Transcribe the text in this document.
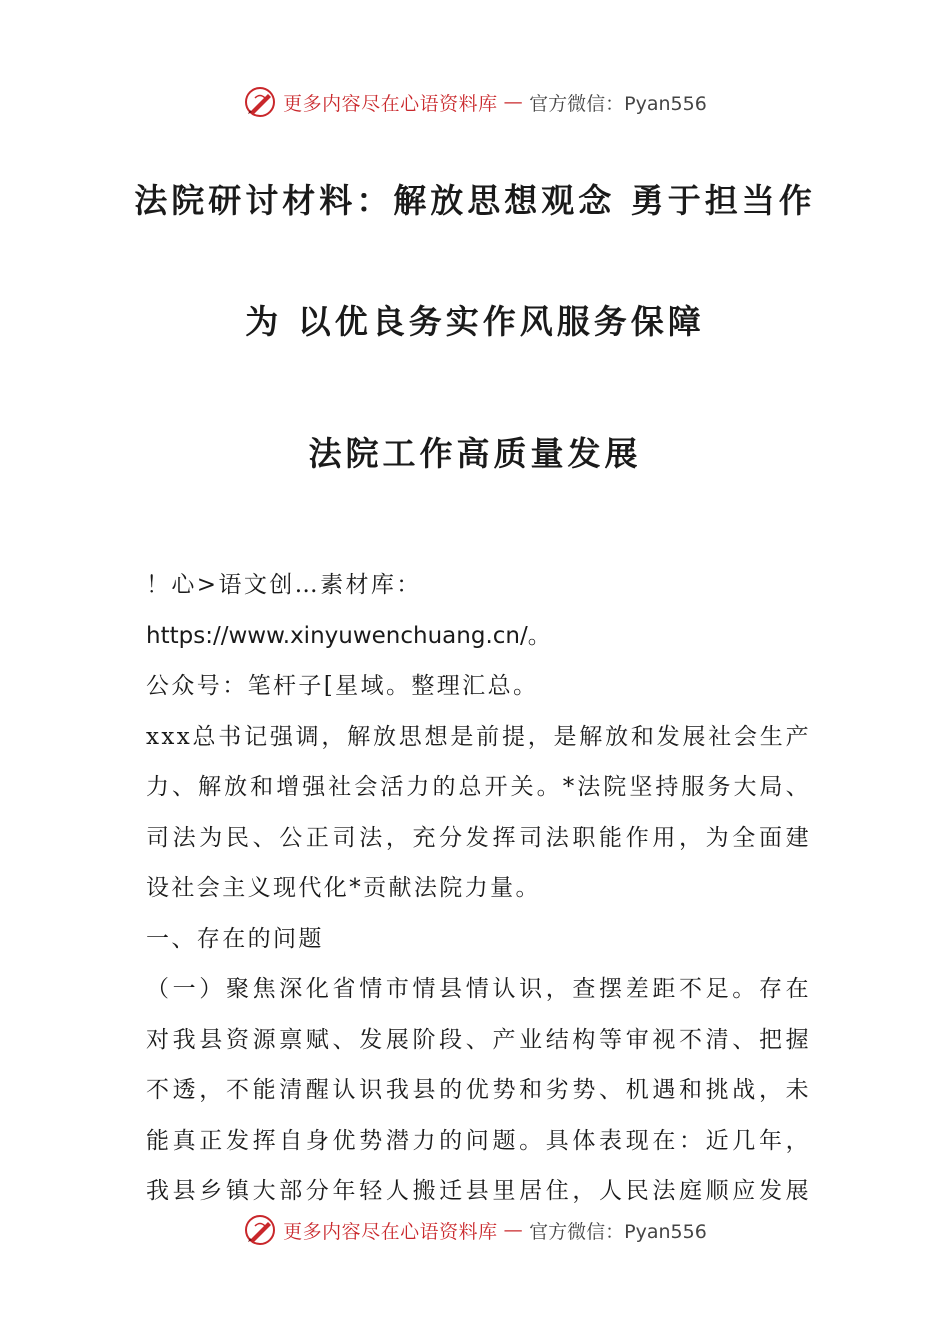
更多内容尽在心语资料库 — 官方微信：Pyan556
法院研讨材料：解放思想观念 勇于担当作
为 以优良务实作风服务保障
法院工作高质量发展

！心>语文创…素材库：https://www.xinyuwenchuang.cn/。

公众号：笔杆子[星域。整理汇总。

xxx总书记强调，解放思想是前提，是解放和发展社会生产

力、解放和增强社会活力的总开关。*法院坚持服务大局、

司法为民、公正司法，充分发挥司法职能作用，为全面建

设社会主义现代化*贡献法院力量。

一、存在的问题

（一）聚焦深化省情市情县情认识，查摆差距不足。存在

对我县资源禀赋、发展阶段、产业结构等审视不清、把握

不透，不能清醒认识我县的优势和劣势、机遇和挑战，未

能真正发挥自身优势潜力的问题。具体表现在：近几年，

我县乡镇大部分年轻人搬迁县里居住，人民法庭顺应发展

更多内容尽在心语资料库 — 官方微信：Pyan556
